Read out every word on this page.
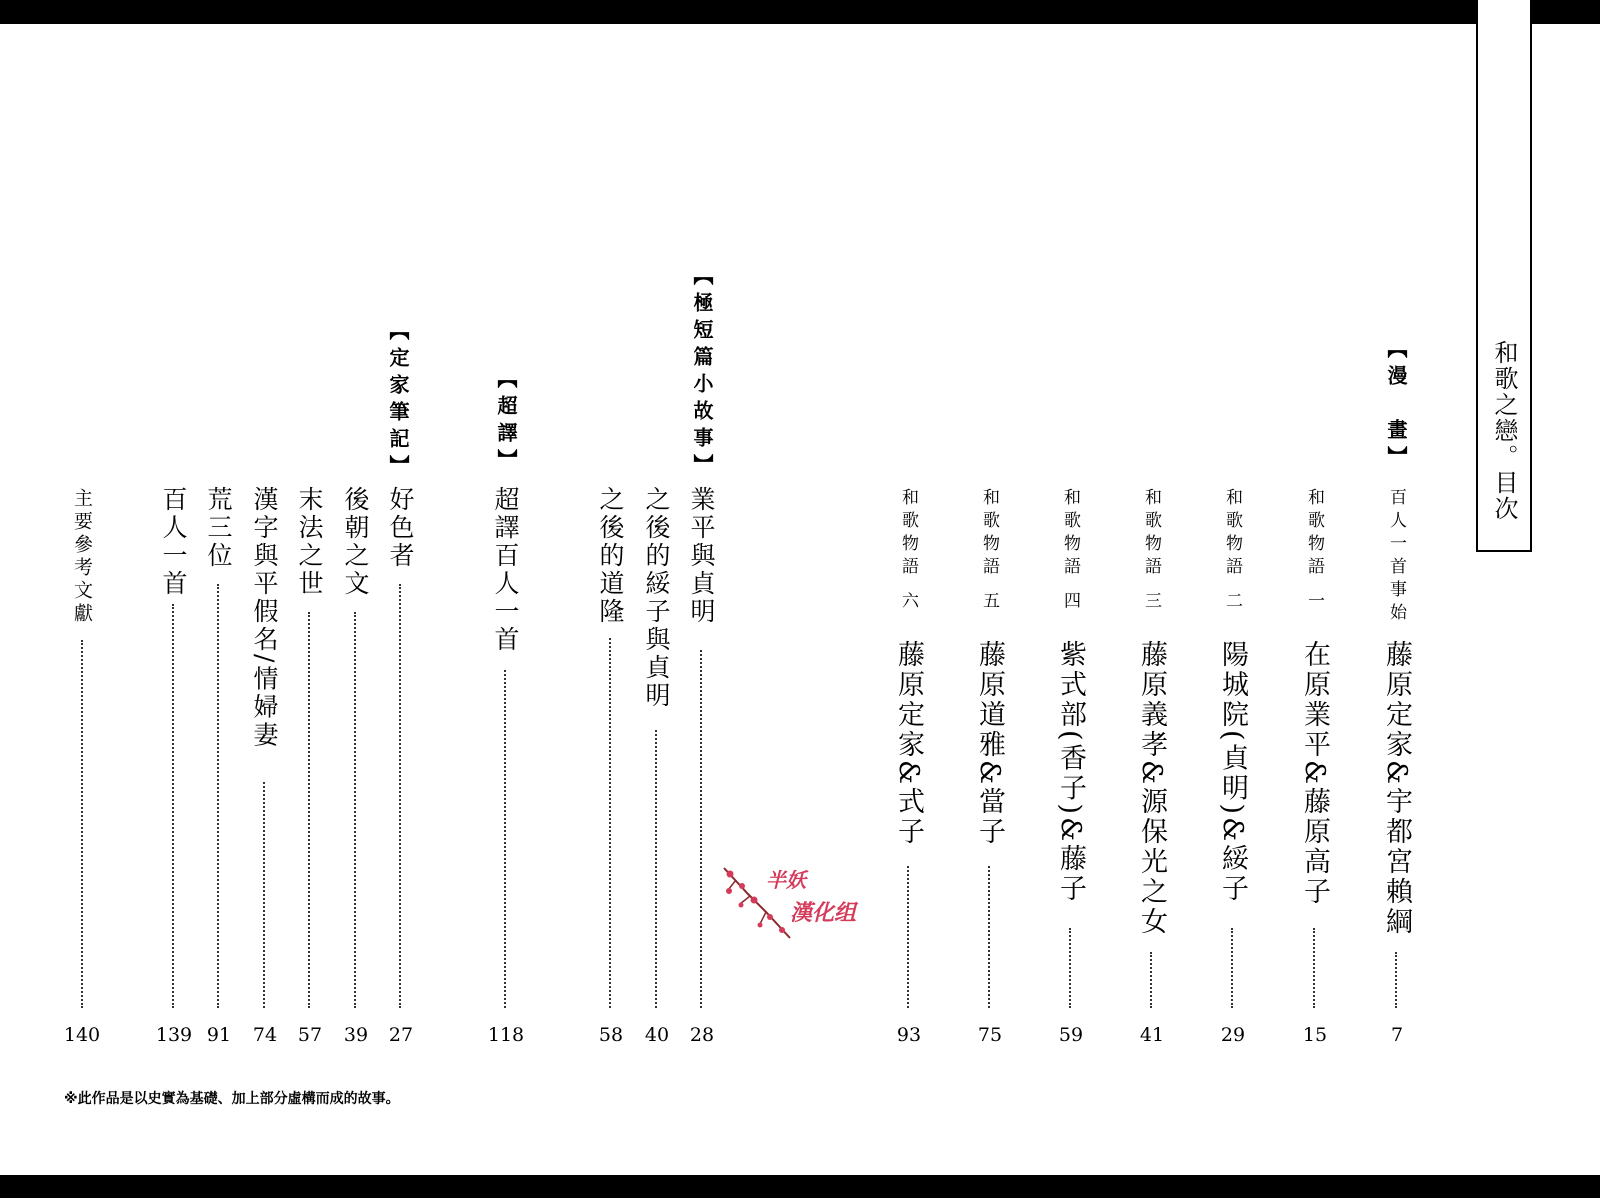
和歌之戀。目次
【漫　畫】
【極短篇小故事】
【超譯】
【定家筆記】
百人一首事始
藤原定家&宇都宮賴綱
7
和歌物語 一
在原業平&藤原高子
15
和歌物語 二
陽城院(貞明)&綏子
29
和歌物語 三
藤原義孝&源保光之女
41
和歌物語 四
紫式部(香子)&藤子
59
和歌物語 五
藤原道雅&當子
75
和歌物語 六
藤原定家&式子
93
業平與貞明
28
之後的綏子與貞明
40
之後的道隆
58
超譯百人一首
118
好色者
27
後朝之文
39
末法之世
57
漢字與平假名/情婦妻
74
荒三位
91
百人一首
139
主要參考文獻
140
半妖
漢化组
※此作品是以史實為基礎、加上部分虛構而成的故事。
